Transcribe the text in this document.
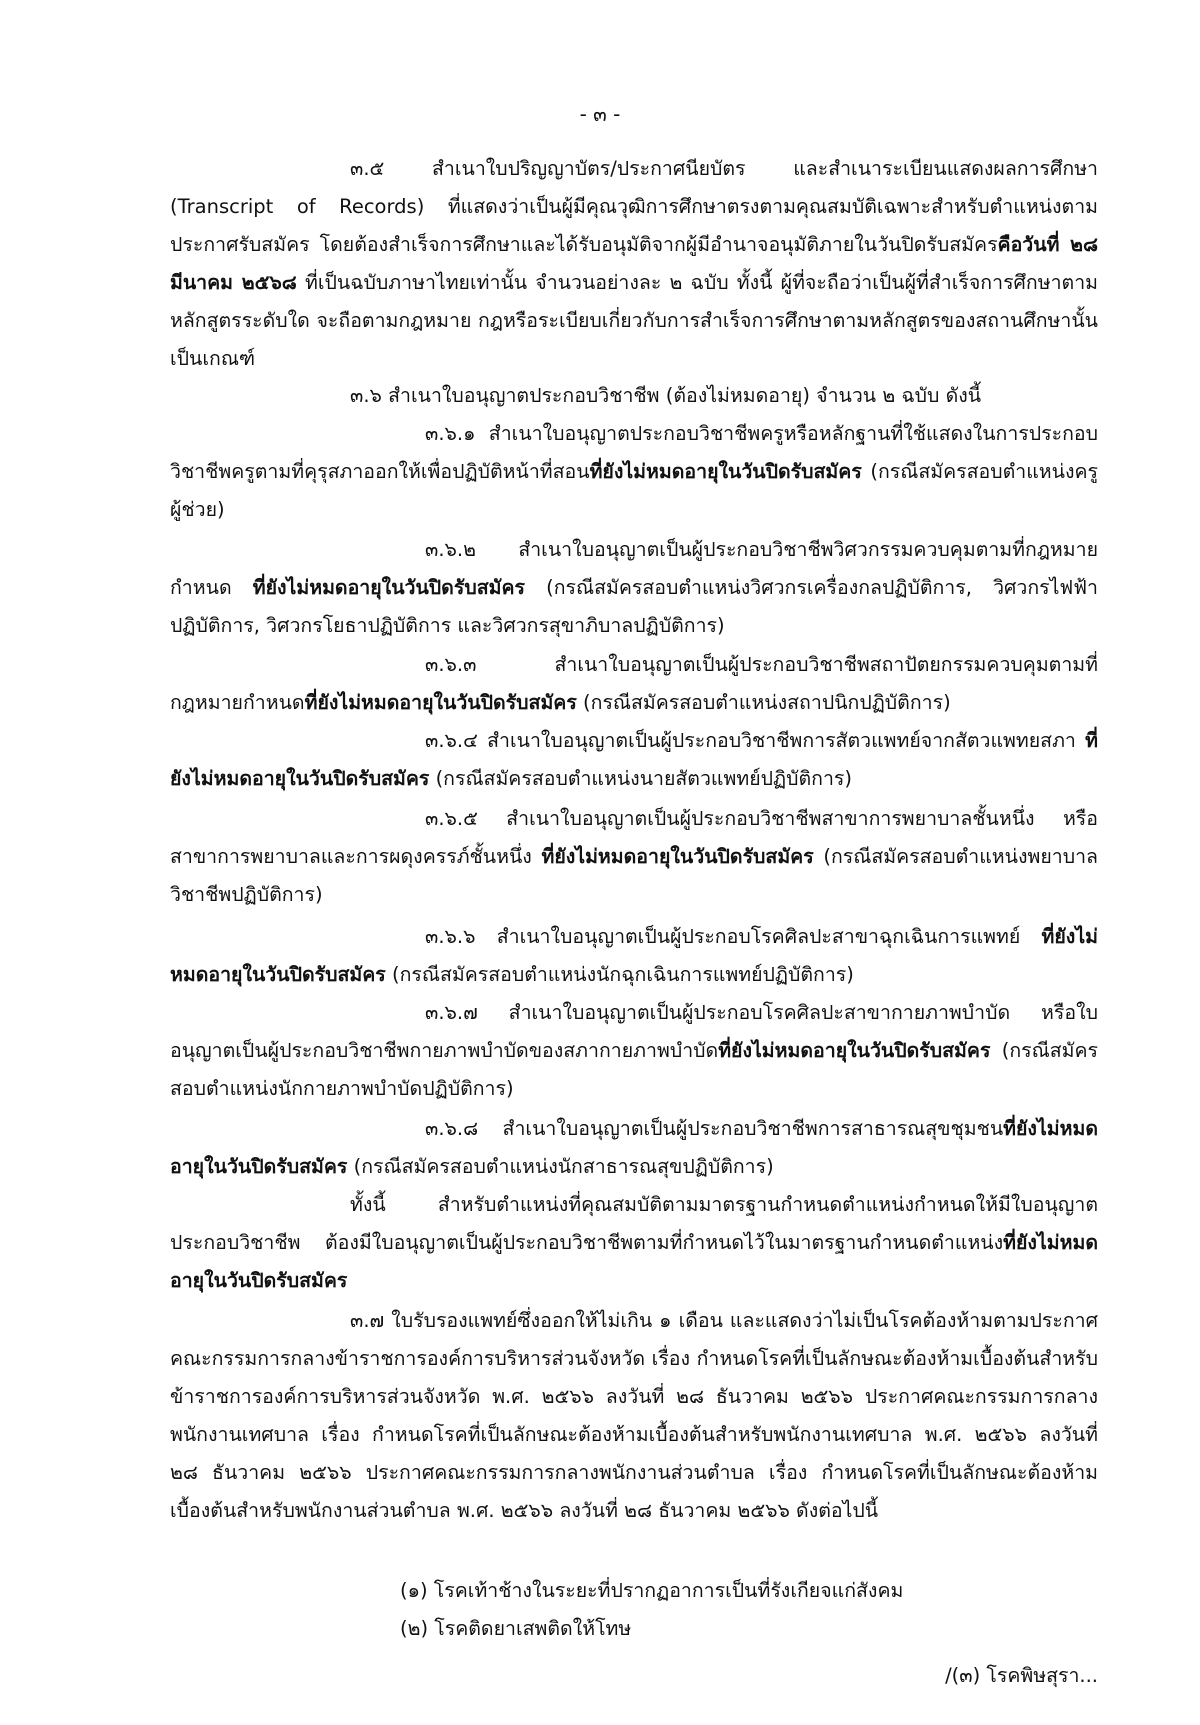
- ๓ -

๓.๕ สำเนาใบปริญญาบัตร/ประกาศนียบัตร และสำเนาระเบียนแสดงผลการศึกษา (Transcript of Records) ที่แสดงว่าเป็นผู้มีคุณวุฒิการศึกษาตรงตามคุณสมบัติเฉพาะสำหรับตำแหน่งตามประกาศรับสมัคร โดยต้องสำเร็จการศึกษาและได้รับอนุมัติจากผู้มีอำนาจอนุมัติภายในวันปิดรับสมัครคือวันที่ ๒๘ มีนาคม ๒๕๖๘ ที่เป็นฉบับภาษาไทยเท่านั้น จำนวนอย่างละ ๒ ฉบับ ทั้งนี้ ผู้ที่จะถือว่าเป็นผู้ที่สำเร็จการศึกษาตามหลักสูตรระดับใด จะถือตามกฎหมาย กฎหรือระเบียบเกี่ยวกับการสำเร็จการศึกษาตามหลักสูตรของสถานศึกษานั้นเป็นเกณฑ์

๓.๖ สำเนาใบอนุญาตประกอบวิชาชีพ (ต้องไม่หมดอายุ) จำนวน ๒ ฉบับ ดังนี้

๓.๖.๑ สำเนาใบอนุญาตประกอบวิชาชีพครูหรือหลักฐานที่ใช้แสดงในการประกอบวิชาชีพครูตามที่คุรุสภาออกให้เพื่อปฏิบัติหน้าที่สอนที่ยังไม่หมดอายุในวันปิดรับสมัคร (กรณีสมัครสอบตำแหน่งครูผู้ช่วย)

๓.๖.๒ สำเนาใบอนุญาตเป็นผู้ประกอบวิชาชีพวิศวกรรมควบคุมตามที่กฎหมายกำหนด ที่ยังไม่หมดอายุในวันปิดรับสมัคร (กรณีสมัครสอบตำแหน่งวิศวกรเครื่องกลปฏิบัติการ, วิศวกรไฟฟ้าปฏิบัติการ, วิศวกรโยธาปฏิบัติการ และวิศวกรสุขาภิบาลปฏิบัติการ)

๓.๖.๓ สำเนาใบอนุญาตเป็นผู้ประกอบวิชาชีพสถาปัตยกรรมควบคุมตามที่กฎหมายกำหนดที่ยังไม่หมดอายุในวันปิดรับสมัคร (กรณีสมัครสอบตำแหน่งสถาปนิกปฏิบัติการ)

๓.๖.๔ สำเนาใบอนุญาตเป็นผู้ประกอบวิชาชีพการสัตวแพทย์จากสัตวแพทยสภา ที่ยังไม่หมดอายุในวันปิดรับสมัคร (กรณีสมัครสอบตำแหน่งนายสัตวแพทย์ปฏิบัติการ)

๓.๖.๕ สำเนาใบอนุญาตเป็นผู้ประกอบวิชาชีพสาขาการพยาบาลชั้นหนึ่ง หรือสาขาการพยาบาลและการผดุงครรภ์ชั้นหนึ่ง ที่ยังไม่หมดอายุในวันปิดรับสมัคร (กรณีสมัครสอบตำแหน่งพยาบาลวิชาชีพปฏิบัติการ)

๓.๖.๖ สำเนาใบอนุญาตเป็นผู้ประกอบโรคศิลปะสาขาฉุกเฉินการแพทย์ ที่ยังไม่หมดอายุในวันปิดรับสมัคร (กรณีสมัครสอบตำแหน่งนักฉุกเฉินการแพทย์ปฏิบัติการ)

๓.๖.๗ สำเนาใบอนุญาตเป็นผู้ประกอบโรคศิลปะสาขากายภาพบำบัด หรือใบอนุญาตเป็นผู้ประกอบวิชาชีพกายภาพบำบัดของสภากายภาพบำบัดที่ยังไม่หมดอายุในวันปิดรับสมัคร (กรณีสมัครสอบตำแหน่งนักกายภาพบำบัดปฏิบัติการ)

๓.๖.๘ สำเนาใบอนุญาตเป็นผู้ประกอบวิชาชีพการสาธารณสุขชุมชนที่ยังไม่หมดอายุในวันปิดรับสมัคร (กรณีสมัครสอบตำแหน่งนักสาธารณสุขปฏิบัติการ)

ทั้งนี้ สำหรับตำแหน่งที่คุณสมบัติตามมาตรฐานกำหนดตำแหน่งกำหนดให้มีใบอนุญาตประกอบวิชาชีพ ต้องมีใบอนุญาตเป็นผู้ประกอบวิชาชีพตามที่กำหนดไว้ในมาตรฐานกำหนดตำแหน่งที่ยังไม่หมดอายุในวันปิดรับสมัคร

๓.๗ ใบรับรองแพทย์ซึ่งออกให้ไม่เกิน ๑ เดือน และแสดงว่าไม่เป็นโรคต้องห้ามตามประกาศคณะกรรมการกลางข้าราชการองค์การบริหารส่วนจังหวัด เรื่อง กำหนดโรคที่เป็นลักษณะต้องห้ามเบื้องต้นสำหรับข้าราชการองค์การบริหารส่วนจังหวัด พ.ศ. ๒๕๖๖ ลงวันที่ ๒๘ ธันวาคม ๒๕๖๖ ประกาศคณะกรรมการกลางพนักงานเทศบาล เรื่อง กำหนดโรคที่เป็นลักษณะต้องห้ามเบื้องต้นสำหรับพนักงานเทศบาล พ.ศ. ๒๕๖๖ ลงวันที่ ๒๘ ธันวาคม ๒๕๖๖ ประกาศคณะกรรมการกลางพนักงานส่วนตำบล เรื่อง กำหนดโรคที่เป็นลักษณะต้องห้ามเบื้องต้นสำหรับพนักงานส่วนตำบล พ.ศ. ๒๕๖๖ ลงวันที่ ๒๘ ธันวาคม ๒๕๖๖ ดังต่อไปนี้

(๑) โรคเท้าช้างในระยะที่ปรากฏอาการเป็นที่รังเกียจแก่สังคม

(๒) โรคติดยาเสพติดให้โทษ

/(๓) โรคพิษสุรา...
